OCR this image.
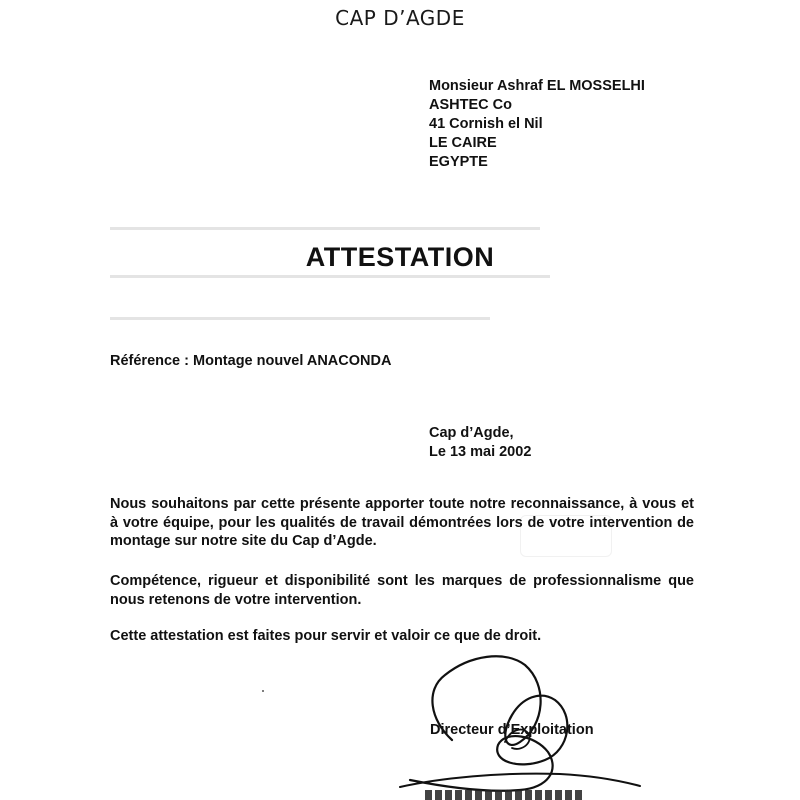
▬▬▬▬▬▬▬▬▬▬▬▬▬▬▬▬▬▬▬▬▬▬▬▬▬▬▬▬▬▬▬▬▬▬▬▬▬▬▬▬▬▬▬
▬▬▬▬▬▬▬▬▬▬▬▬▬▬▬▬▬▬▬▬▬▬▬▬▬▬▬▬▬▬▬▬▬▬▬▬▬▬▬▬▬▬▬▬
▬▬▬▬▬▬▬▬▬▬▬▬▬▬▬▬▬▬▬▬▬▬▬▬▬▬▬▬▬▬▬▬▬▬▬▬▬▬
CAP D’AGDE
Monsieur Ashraf EL MOSSELHI
ASHTEC Co
41 Cornish el Nil
LE CAIRE
EGYPTE
ATTESTATION
Référence : Montage nouvel ANACONDA
Cap d’Agde,
Le 13 mai 2002
Nous souhaitons par cette présente apporter toute notre reconnaissance, à vous et à votre équipe, pour les qualités de travail démontrées lors de votre intervention de montage sur notre site du Cap d’Agde.
Compétence, rigueur et disponibilité sont les marques de professionnalisme que nous retenons de votre intervention.
Cette attestation est faites pour servir et valoir ce que de droit.
Directeur d’Exploitation
